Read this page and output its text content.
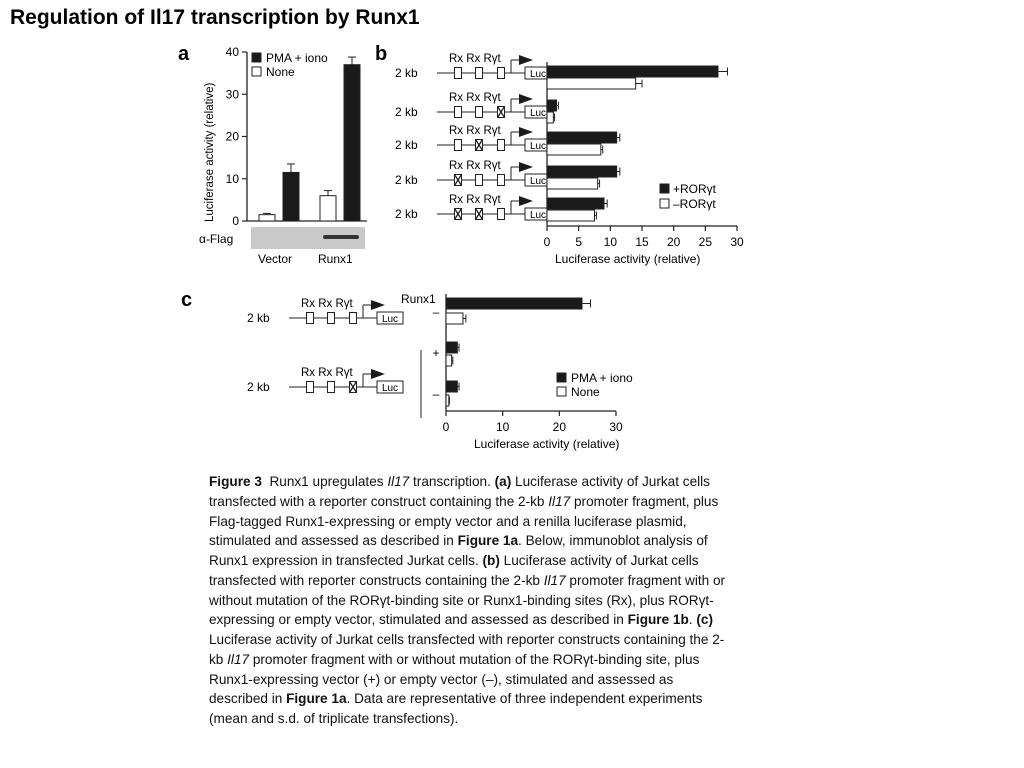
Regulation of Il17 transcription by Runx1
a	b
c
Luciferase activity (relative) 0
10
20
30
40 PMA + iono
None
α-Flag
Vector Runx1
2 kb	Luc
Rx Rx Rγt
2 kb	Luc
Rx Rx Rγt
2 kb	Luc
Rx Rx Rγt
2 kb	Luc
Rx Rx Rγt
2 kb	Luc
Rx Rx Rγt
0 5 10 15 20 25 30
Luciferase activity (relative)
+RORγt
–RORγt
2 kb	Luc
Rx Rx Rγt
2 kb	Luc
Rx Rx Rγt
Runx1
–
+
–
0	10	20	30
Luciferase activity (relative)
PMA + iono
None
Figure 3 Runx1 upregulates Il17 transcription. (a) Luciferase activity of Jurkat cells transfected with a reporter construct containing the 2-kb Il17 promoter fragment, plus Flag-tagged Runx1-expressing or empty vector and a renilla luciferase plasmid, stimulated and assessed as described in Figure 1a. Below, immunoblot analysis of Runx1 expression in transfected Jurkat cells. (b) Luciferase activity of Jurkat cells transfected with reporter constructs containing the 2-kb Il17 promoter fragment with or without mutation of the RORγt-binding site or Runx1-binding sites (Rx), plus RORγt-expressing or empty vector, stimulated and assessed as described in Figure 1b. (c) Luciferase activity of Jurkat cells transfected with reporter constructs containing the 2-kb Il17 promoter fragment with or without mutation of the RORγt-binding site, plus Runx1-expressing vector (+) or empty vector (–), stimulated and assessed as described in Figure 1a. Data are representative of three independent experiments (mean and s.d. of triplicate transfections).
